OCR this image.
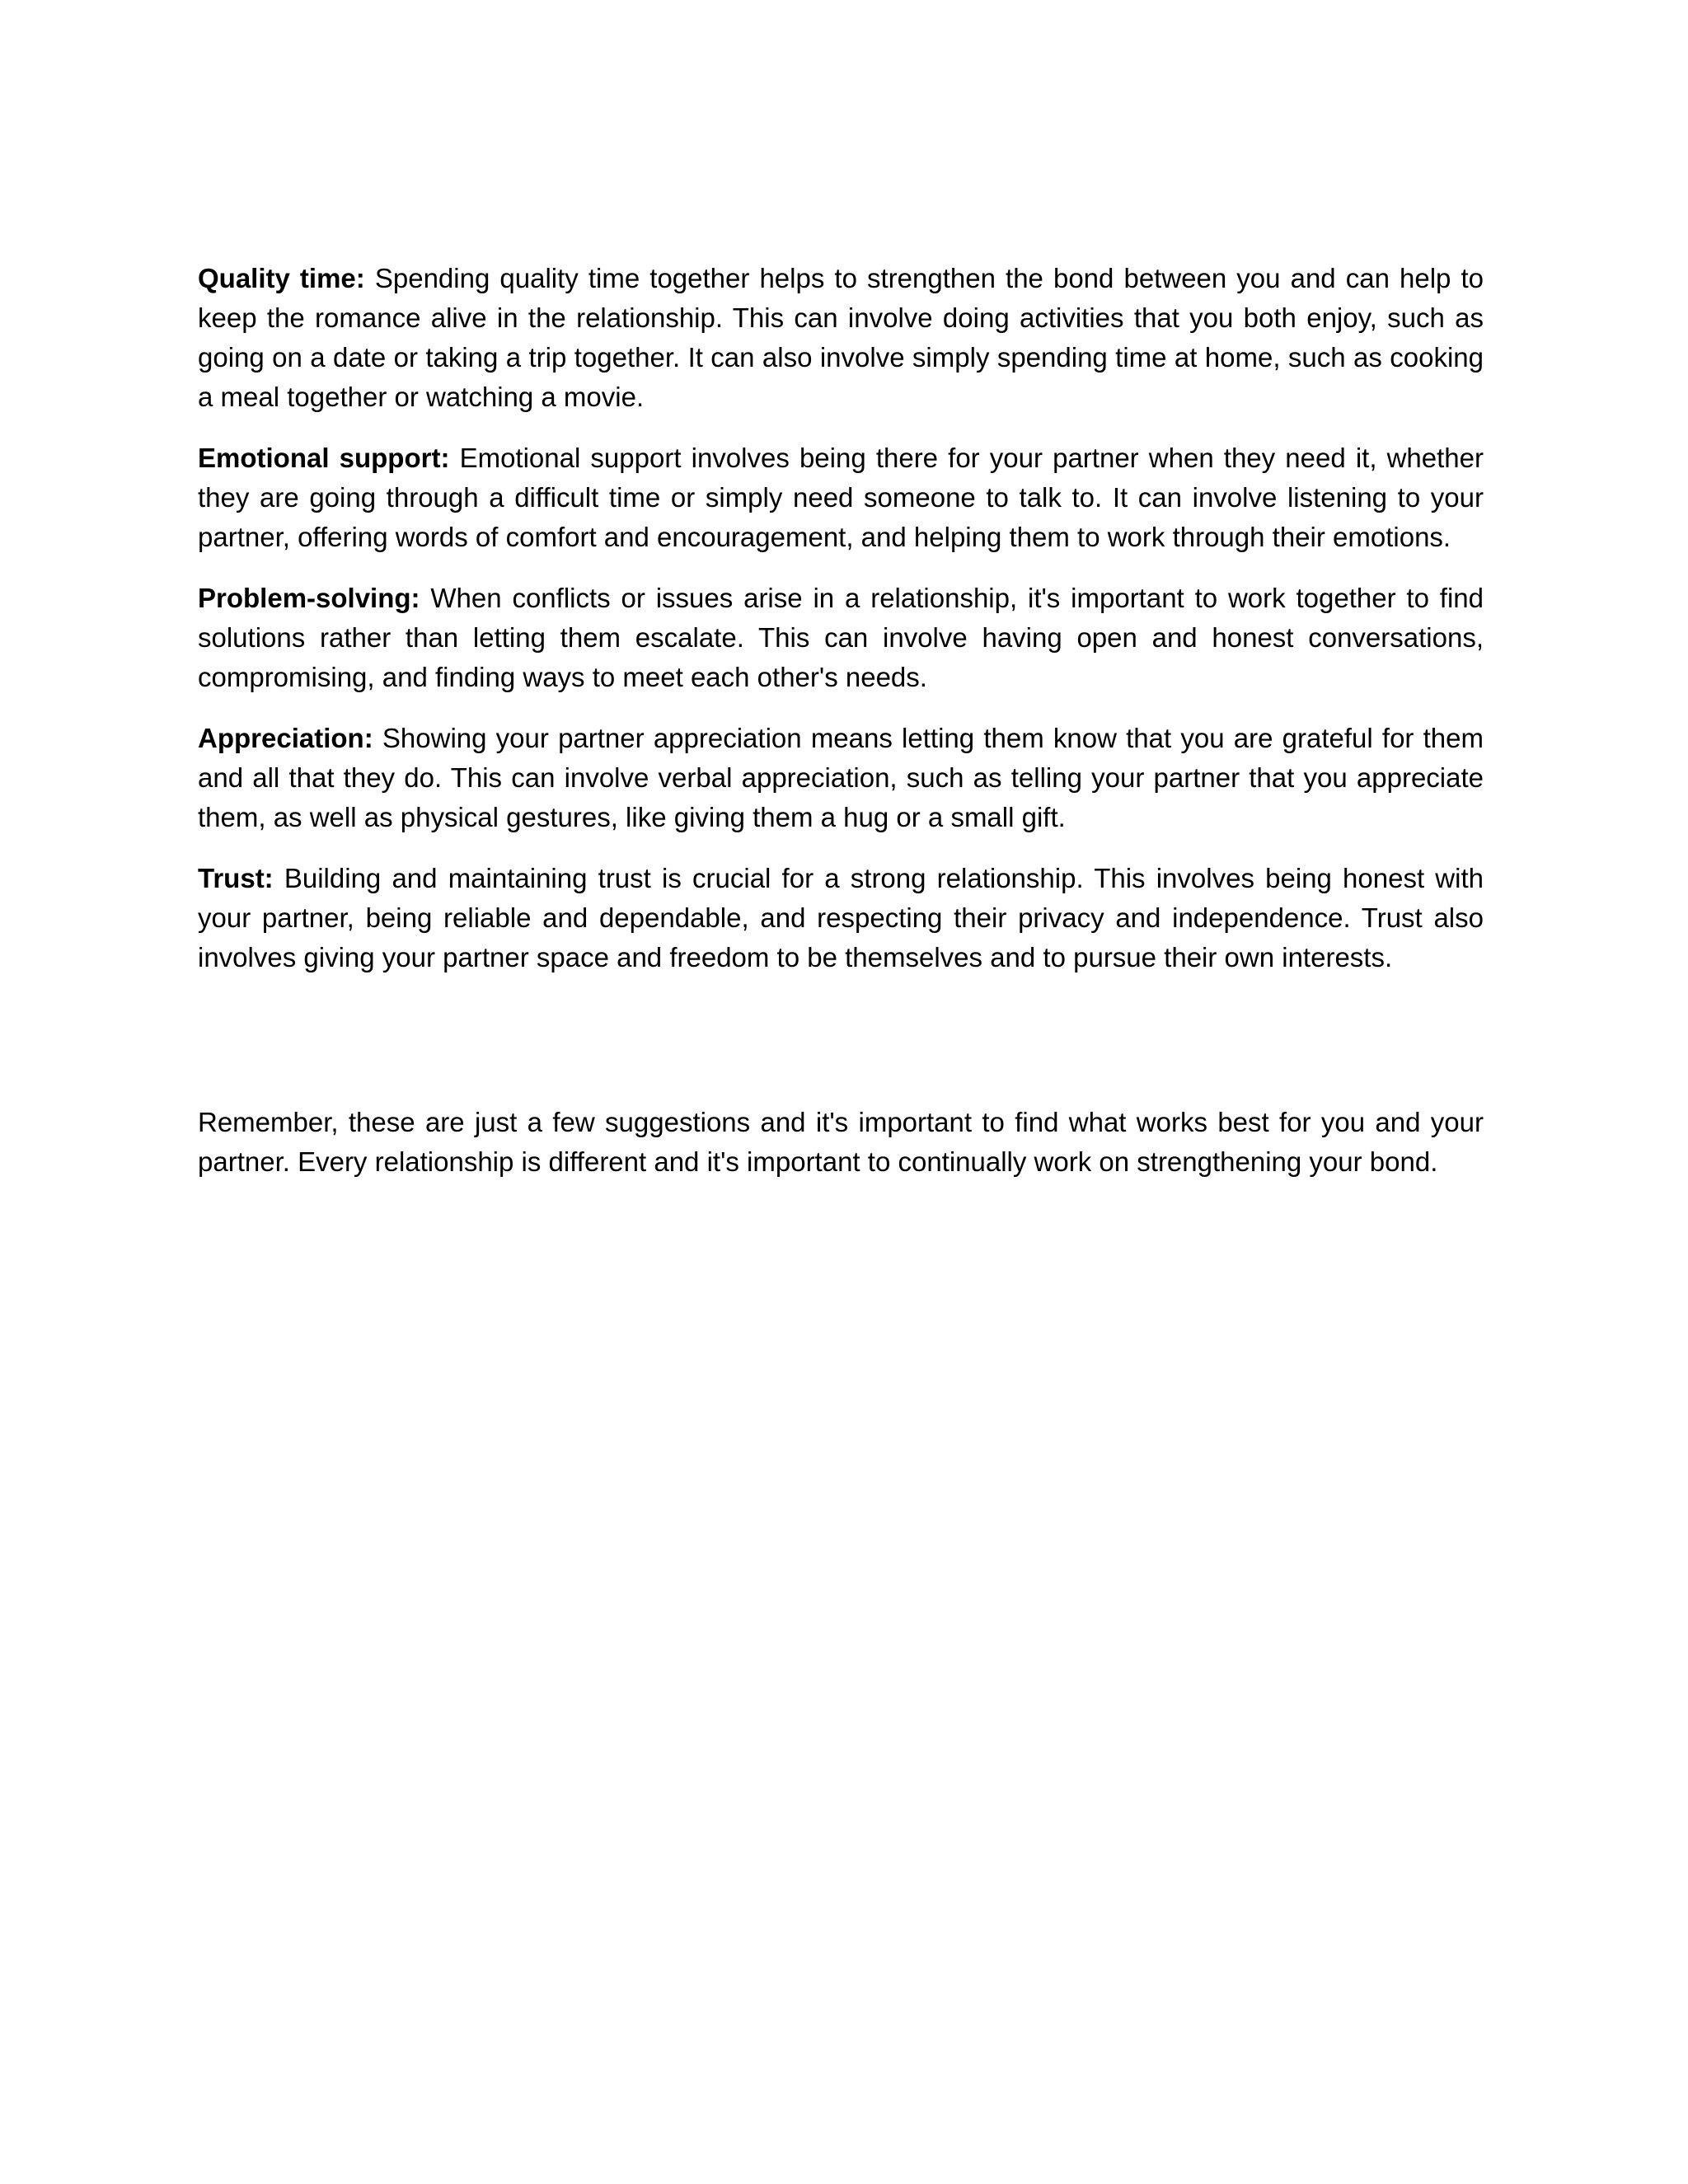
Quality time: Spending quality time together helps to strengthen the bond between you and can help to keep the romance alive in the relationship. This can involve doing activities that you both enjoy, such as going on a date or taking a trip together. It can also involve simply spending time at home, such as cooking a meal together or watching a movie.

Emotional support: Emotional support involves being there for your partner when they need it, whether they are going through a difficult time or simply need someone to talk to. It can involve listening to your partner, offering words of comfort and encouragement, and helping them to work through their emotions.

Problem-solving: When conflicts or issues arise in a relationship, it's important to work together to find solutions rather than letting them escalate. This can involve having open and honest conversations, compromising, and finding ways to meet each other's needs.

Appreciation: Showing your partner appreciation means letting them know that you are grateful for them and all that they do. This can involve verbal appreciation, such as telling your partner that you appreciate them, as well as physical gestures, like giving them a hug or a small gift.

Trust: Building and maintaining trust is crucial for a strong relationship. This involves being honest with your partner, being reliable and dependable, and respecting their privacy and independence. Trust also involves giving your partner space and freedom to be themselves and to pursue their own interests.

Remember, these are just a few suggestions and it's important to find what works best for you and your partner. Every relationship is different and it's important to continually work on strengthening your bond.
